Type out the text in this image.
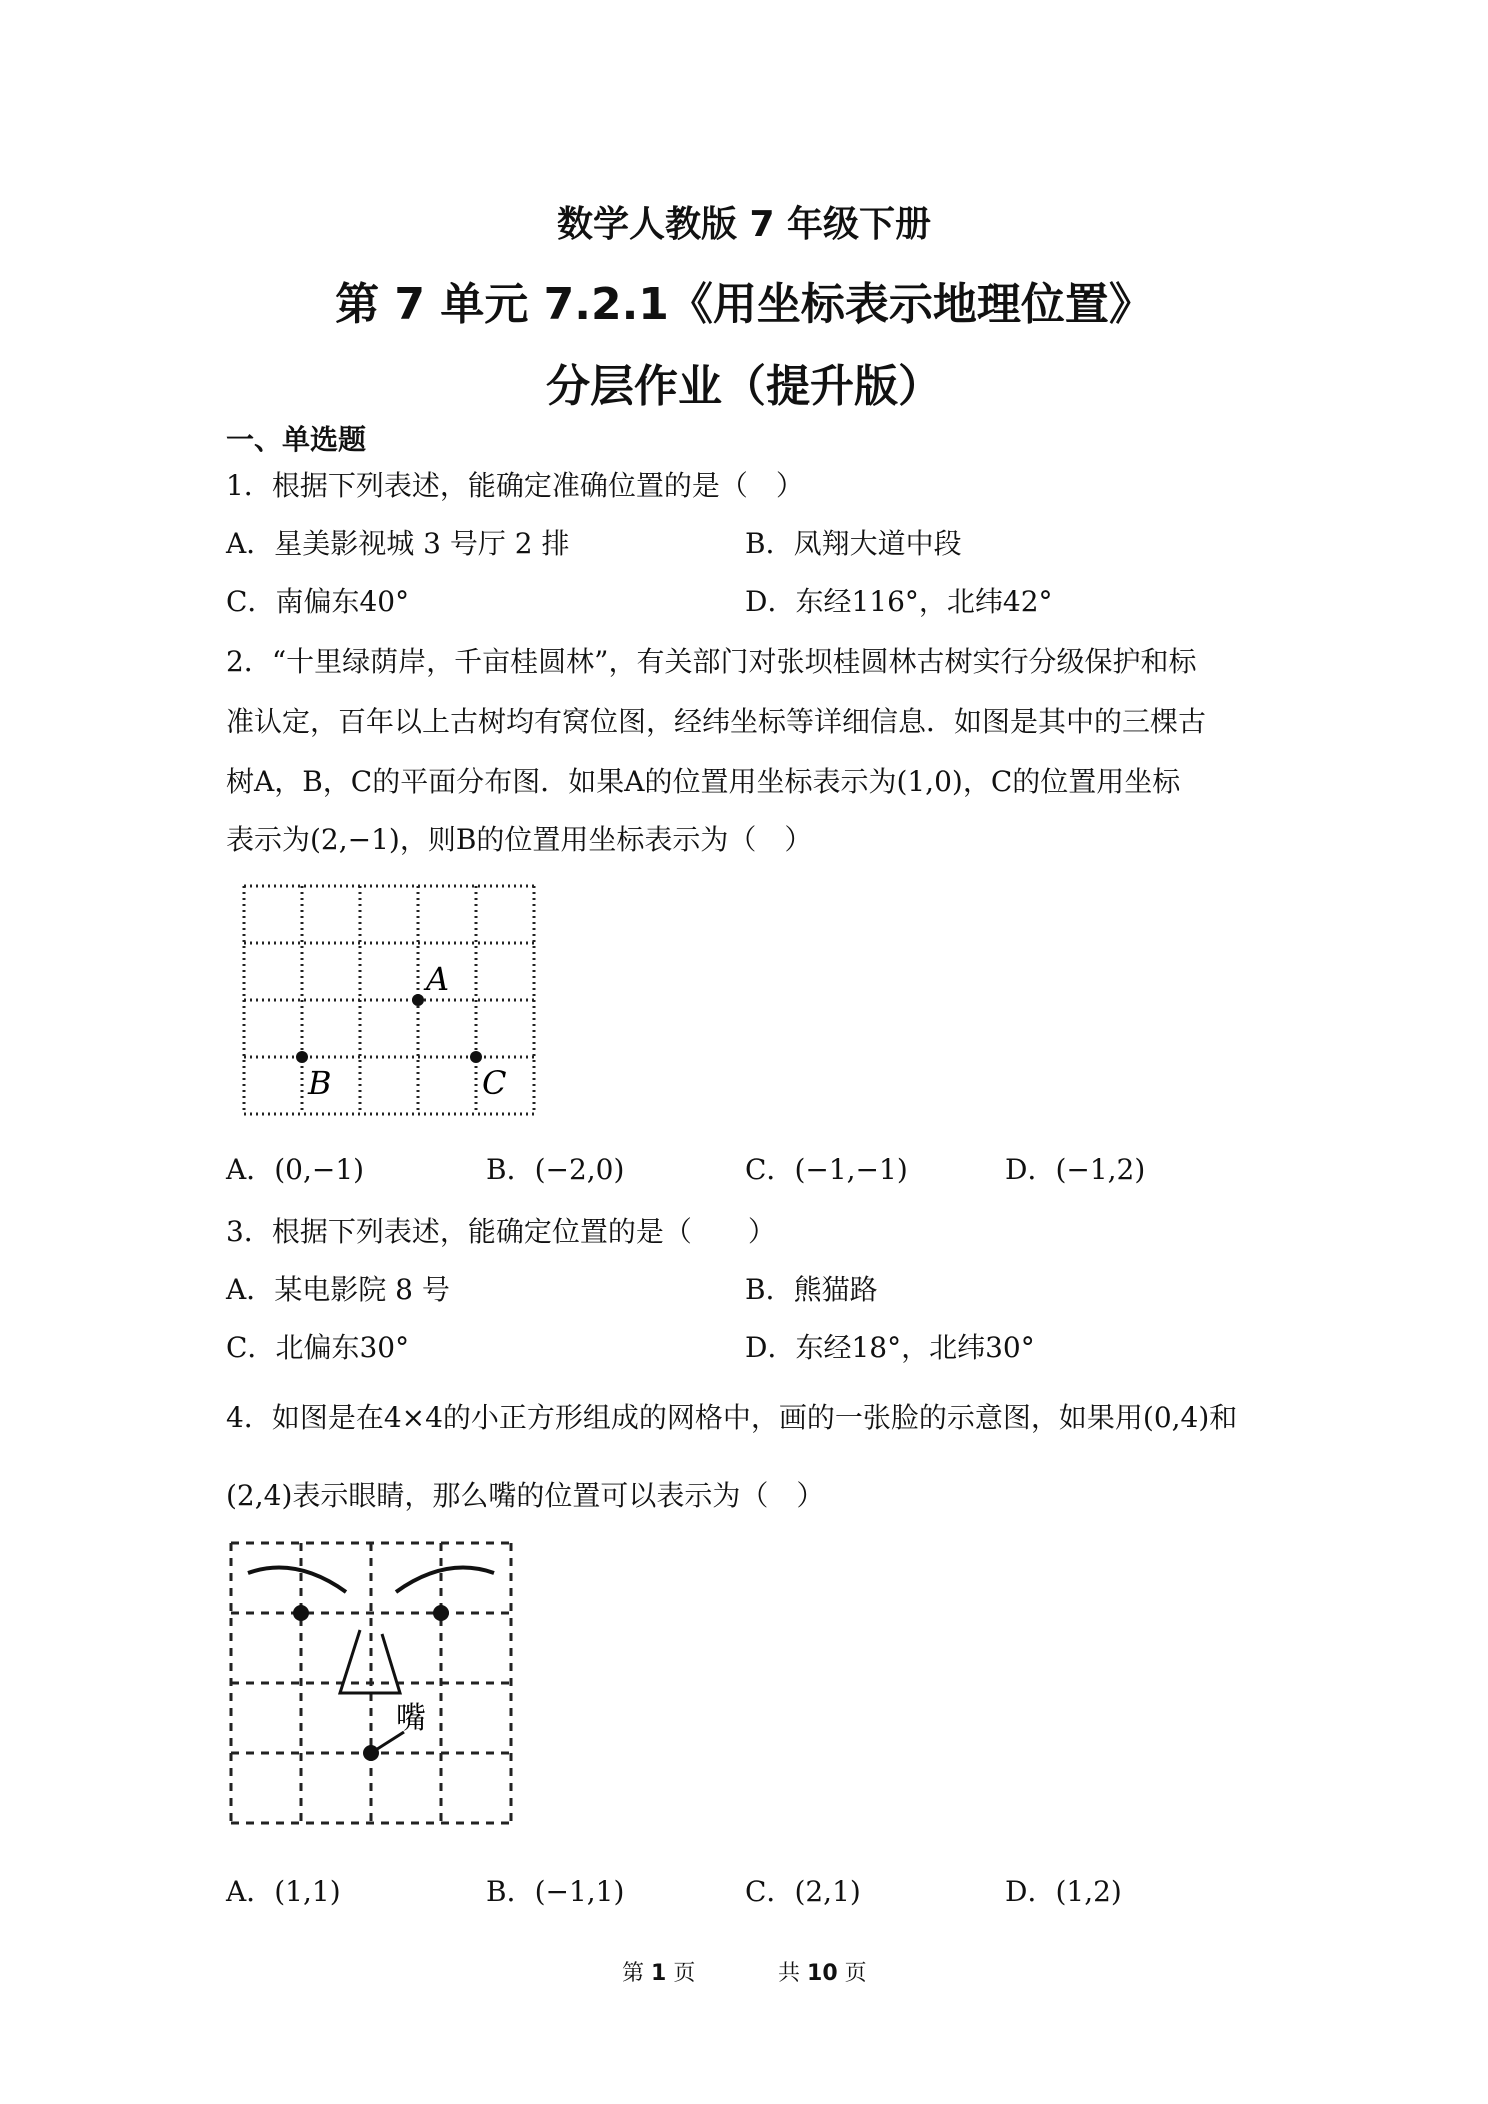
数学人教版 7 年级下册
第 7 单元 7.2.1《用坐标表示地理位置》
分层作业（提升版）
一、单选题
1．根据下列表述，能确定准确位置的是（　）
A．星美影视城 3 号厅 2 排	B．凤翔大道中段
C．南偏东40°	D．东经116°，北纬42°
2．“十里绿荫岸，千亩桂圆林”，有关部门对张坝桂圆林古树实行分级保护和标
准认定，百年以上古树均有窝位图，经纬坐标等详细信息．如图是其中的三棵古
树A，B，C的平面分布图．如果A的位置用坐标表示为(1,0)，C的位置用坐标
表示为(2,−1)，则B的位置用坐标表示为（　）
A
B	C
A．(0,−1)	B．(−2,0)	C．(−1,−1)	D．(−1,2)
3．根据下列表述，能确定位置的是（　　）
A．某电影院 8 号	B．熊猫路
C．北偏东30°	D．东经18°，北纬30°
4．如图是在4×4的小正方形组成的网格中，画的一张脸的示意图，如果用(0,4)和
(2,4)表示眼睛，那么嘴的位置可以表示为（　）
嘴
A．(1,1)	B．(−1,1)	C．(2,1)	D．(1,2)
第 1 页	共 10 页
